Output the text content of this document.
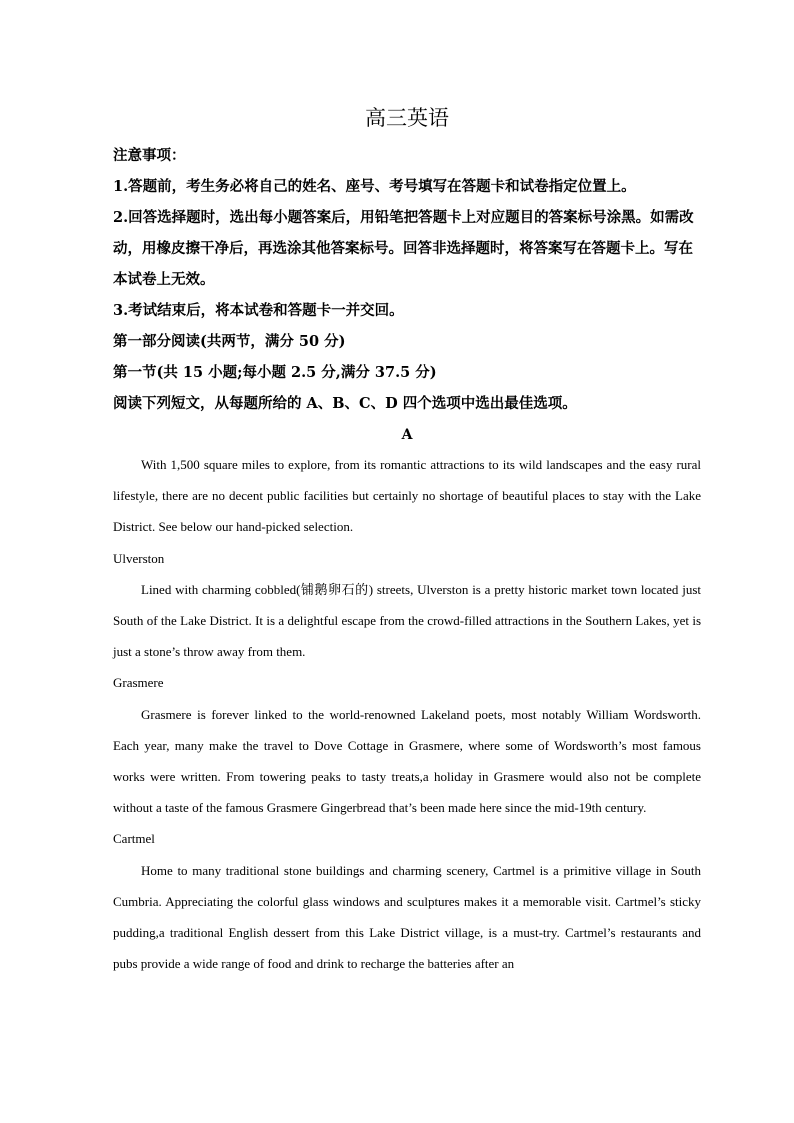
高三英语
注意事项：
1.答题前，考生务必将自己的姓名、座号、考号填写在答题卡和试卷指定位置上。
2.回答选择题时，选出每小题答案后，用铅笔把答题卡上对应题目的答案标号涂黑。如需改动，用橡皮擦干净后，再选涂其他答案标号。回答非选择题时，将答案写在答题卡上。写在本试卷上无效。
3.考试结束后，将本试卷和答题卡一并交回。
第一部分阅读(共两节，满分 50 分)
第一节(共 15 小题;每小题 2.5 分,满分 37.5 分)
阅读下列短文，从每题所给的 A、B、C、D 四个选项中选出最佳选项。
A

With 1,500 square miles to explore, from its romantic attractions to its wild landscapes and the easy rural lifestyle, there are no decent public facilities but certainly no shortage of beautiful places to stay with the Lake District. See below our hand-picked selection.

Ulverston

Lined with charming cobbled(铺鹅卵石的) streets, Ulverston is a pretty historic market town located just South of the Lake District. It is a delightful escape from the crowd-filled attractions in the Southern Lakes, yet is just a stone’s throw away from them.

Grasmere

Grasmere is forever linked to the world-renowned Lakeland poets, most notably William Wordsworth. Each year, many make the travel to Dove Cottage in Grasmere, where some of Wordsworth’s most famous works were written. From towering peaks to tasty treats,a holiday in Grasmere would also not be complete without a taste of the famous Grasmere Gingerbread that’s been made here since the mid-19th century.

Cartmel

Home to many traditional stone buildings and charming scenery, Cartmel is a primitive village in South Cumbria. Appreciating the colorful glass windows and sculptures makes it a memorable visit. Cartmel’s sticky pudding,a traditional English dessert from this Lake District village, is a must-try. Cartmel’s restaurants and pubs provide a wide range of food and drink to recharge the batteries after an
